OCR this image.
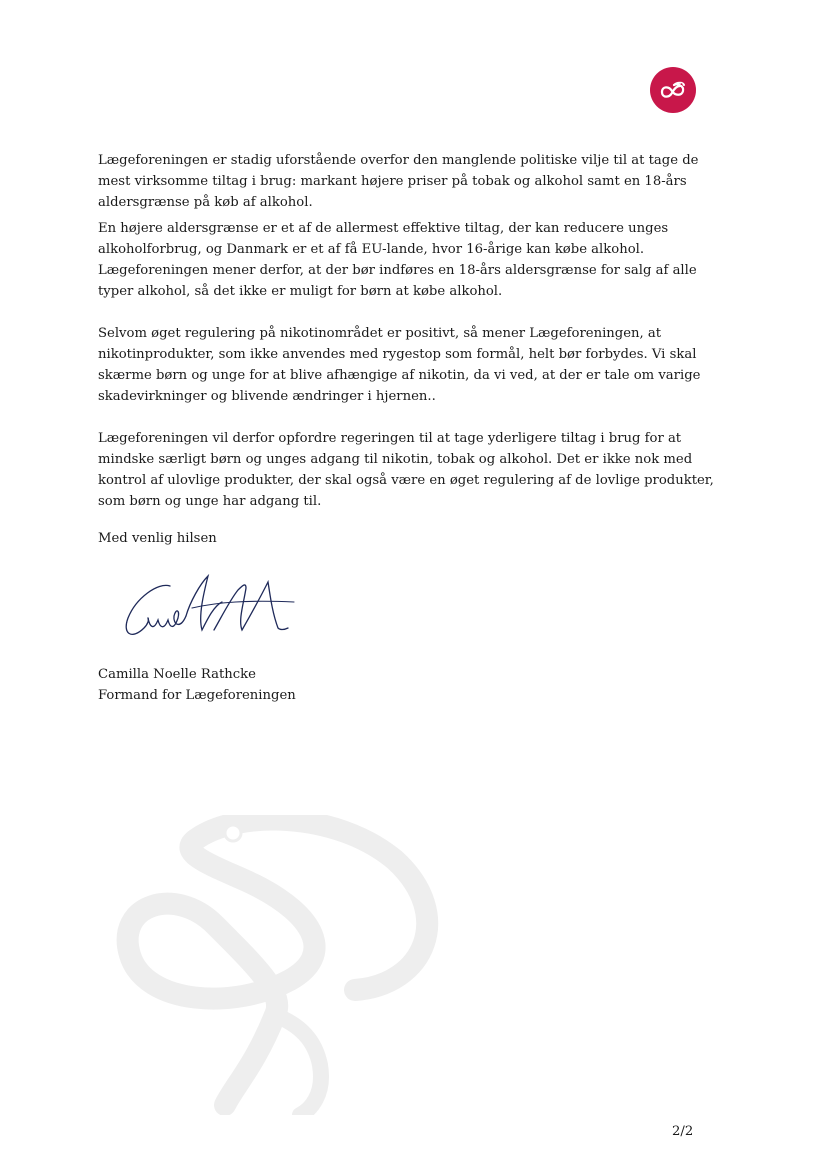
Lægeforeningen er stadig uforstående overfor den manglende politiske vilje til at tage de mest virksomme tiltag i brug: markant højere priser på tobak og alkohol samt en 18-års aldersgrænse på køb af alkohol.

En højere aldersgrænse er et af de allermest effektive tiltag, der kan reducere unges alkoholforbrug, og Danmark er et af få EU-lande, hvor 16-årige kan købe alkohol. Lægeforeningen mener derfor, at der bør indføres en 18-års aldersgrænse for salg af alle typer alkohol, så det ikke er muligt for børn at købe alkohol.

Selvom øget regulering på nikotinområdet er positivt, så mener Lægeforeningen, at nikotinprodukter, som ikke anvendes med rygestop som formål, helt bør forbydes. Vi skal skærme børn og unge for at blive afhængige af nikotin, da vi ved, at der er tale om varige skadevirkninger og blivende ændringer i hjernen..

Lægeforeningen vil derfor opfordre regeringen til at tage yderligere tiltag i brug for at mindske særligt børn og unges adgang til nikotin, tobak og alkohol. Det er ikke nok med kontrol af ulovlige produkter, der skal også være en øget regulering af de lovlige produkter, som børn og unge har adgang til.

Med venlig hilsen

Camilla Noelle Rathcke
Formand for Lægeforeningen
2/2
